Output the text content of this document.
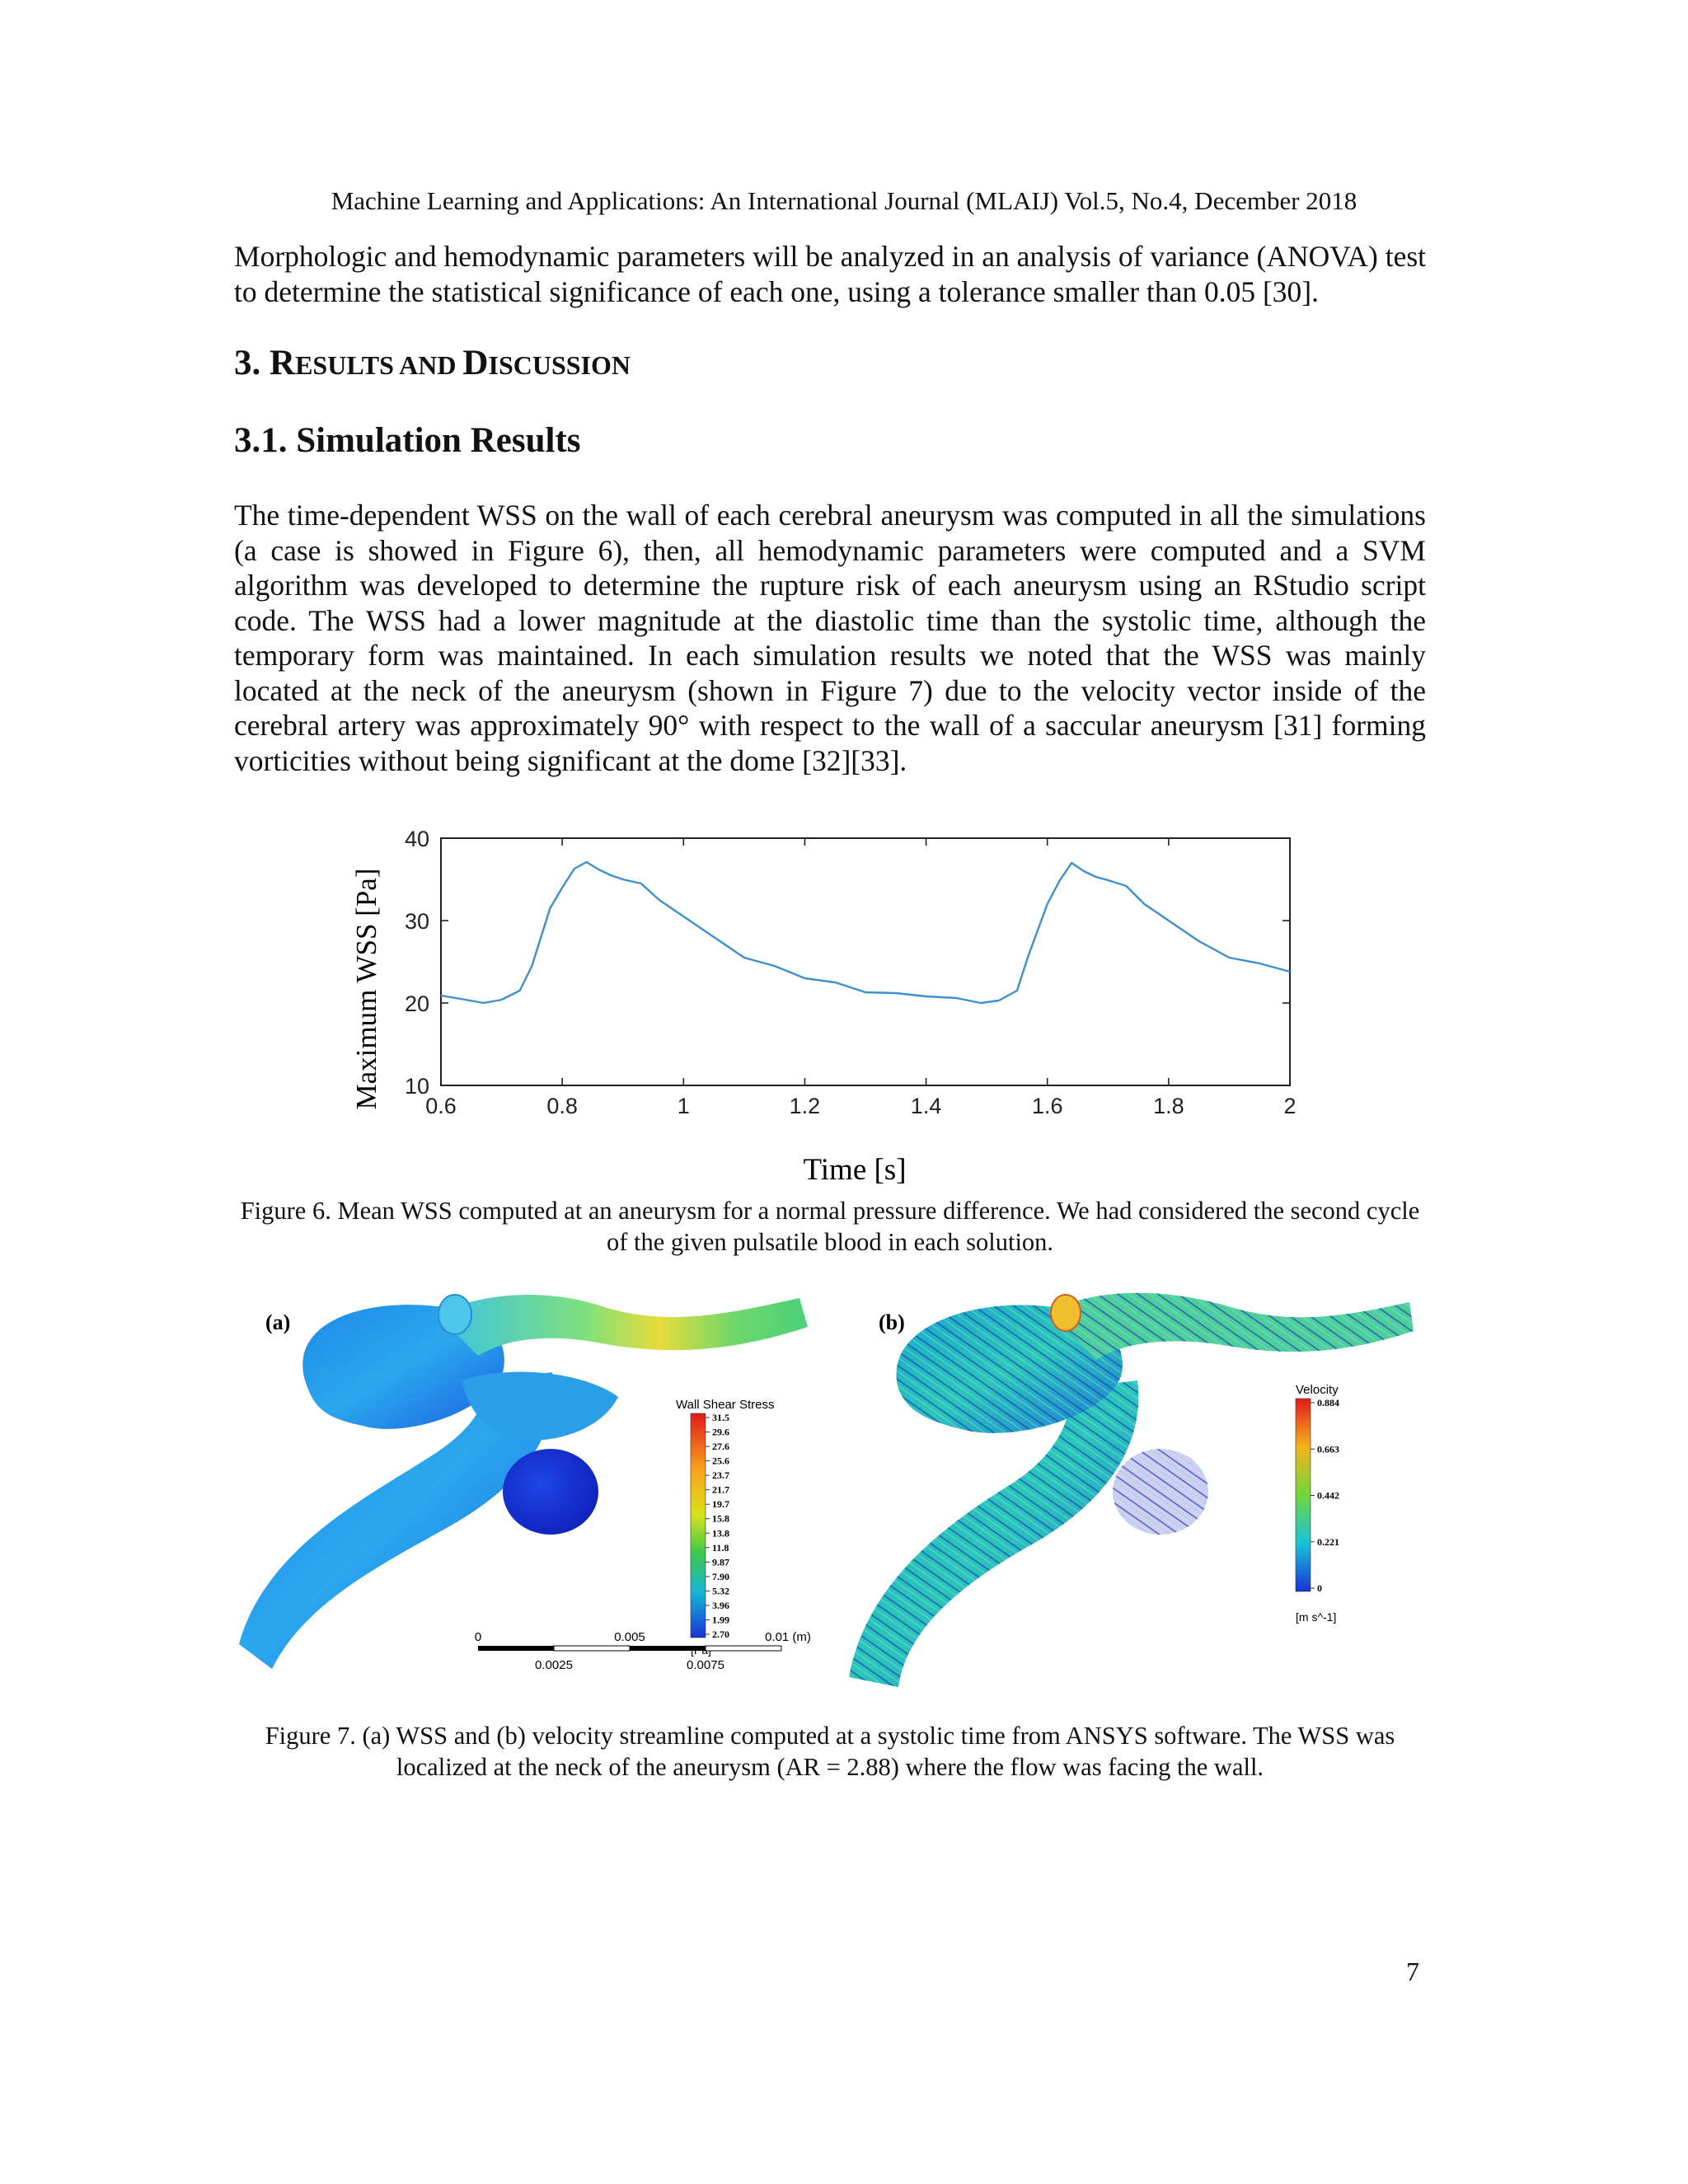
Machine Learning and Applications: An International Journal (MLAIJ) Vol.5, No.4, December 2018

Morphologic and hemodynamic parameters will be analyzed in an analysis of variance (ANOVA) test to determine the statistical significance of each one, using a tolerance smaller than 0.05 [30].

3. RESULTS AND DISCUSSION
3.1. Simulation Results

The time-dependent WSS on the wall of each cerebral aneurysm was computed in all the simulations (a case is showed in Figure 6), then, all hemodynamic parameters were computed and a SVM algorithm was developed to determine the rupture risk of each aneurysm using an RStudio script code. The WSS had a lower magnitude at the diastolic time than the systolic time, although the temporary form was maintained. In each simulation results we noted that the WSS was mainly located at the neck of the aneurysm (shown in Figure 7) due to the velocity vector inside of the cerebral artery was approximately 90° with respect to the wall of a saccular aneurysm [31] forming vorticities without being significant at the dome [32][33].

0.6	0.8	1	1.2	1.4	1.6	1.8	2
10
20
30
40
Maximum WSS [Pa]
Time [s]

Figure 6. Mean WSS computed at an aneurysm for a normal pressure difference. We had considered the second cycle of the given pulsatile blood in each solution.

(a)
Wall Shear Stress
31.5
29.6
27.6
25.6
23.7
21.7
19.7
15.8
13.8
11.8
9.87
7.90
5.32
3.96
1.99
2.70
0	0.005	0.01 (m)
0.0025	0.0075
(b)
Velocity
0.884
0.663
0.442
0.221
0
[m s^-1]

Figure 7. (a) WSS and (b) velocity streamline computed at a systolic time from ANSYS software. The WSS was localized at the neck of the aneurysm (AR = 2.88) where the flow was facing the wall.

7
